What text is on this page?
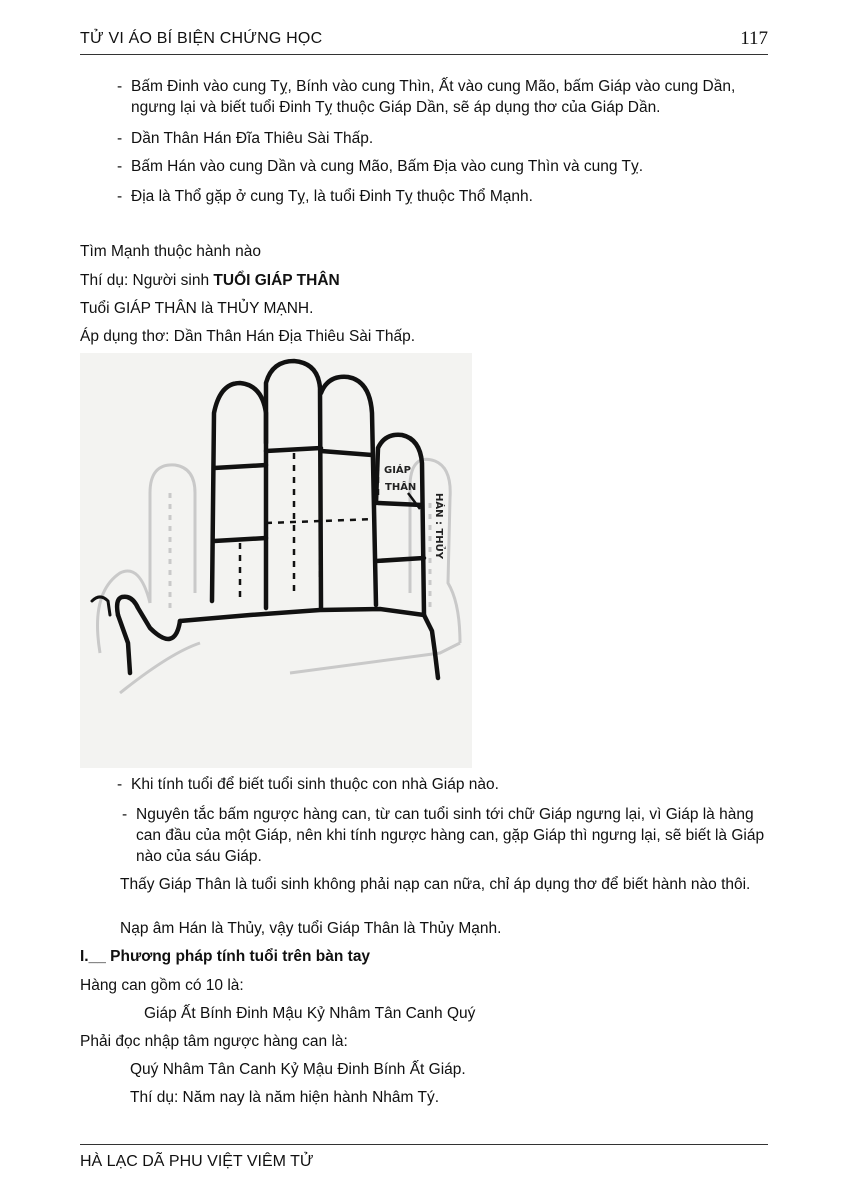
TỬ VI ÁO BÍ BIỆN CHỨNG HỌC	117
- Bấm Đinh vào cung Tỵ, Bính vào cung Thìn, Ất vào cung Mão, bấm Giáp vào cung Dần, ngưng lại và biết tuổi Đinh Tỵ thuộc Giáp Dần, sẽ áp dụng thơ của Giáp Dần.
- Dần Thân Hán Đĩa Thiêu Sài Thấp.
- Bấm Hán vào cung Dần và cung Mão, Bấm Địa vào cung Thìn và cung Tỵ.
- Địa là Thổ gặp ở cung Tỵ, là tuổi Đinh Tỵ thuộc Thổ Mạnh.
Tìm Mạnh thuộc hành nào
Thí dụ: Người sinh TUỔI GIÁP THÂN
Tuổi GIÁP THÂN là THỦY MẠNH.
Áp dụng thơ: Dần Thân Hán Địa Thiêu Sài Thấp.
GIÁP
THÂN
HÁN : THỦY
- Khi tính tuổi để biết tuổi sinh thuộc con nhà Giáp nào.
- Nguyên tắc bấm ngược hàng can, từ can tuổi sinh tới chữ Giáp ngưng lại, vì Giáp là hàng can đầu của một Giáp, nên khi tính ngược hàng can, gặp Giáp thì ngưng lại, sẽ biết là Giáp nào của sáu Giáp.
Thấy Giáp Thân là tuổi sinh không phải nạp can nữa, chỉ áp dụng thơ để biết hành nào thôi.
Nạp âm Hán là Thủy, vậy tuổi Giáp Thân là Thủy Mạnh.
I.__ Phương pháp tính tuổi trên bàn tay
Hàng can gồm có 10 là:
Giáp Ất Bính Đinh Mậu Kỷ Nhâm Tân Canh Quý
Phải đọc nhập tâm ngược hàng can là:
Quý Nhâm Tân Canh Kỷ Mậu Đinh Bính Ất Giáp.
Thí dụ: Năm nay là năm hiện hành Nhâm Tý.
HÀ LẠC DÃ PHU VIỆT VIÊM TỬ
